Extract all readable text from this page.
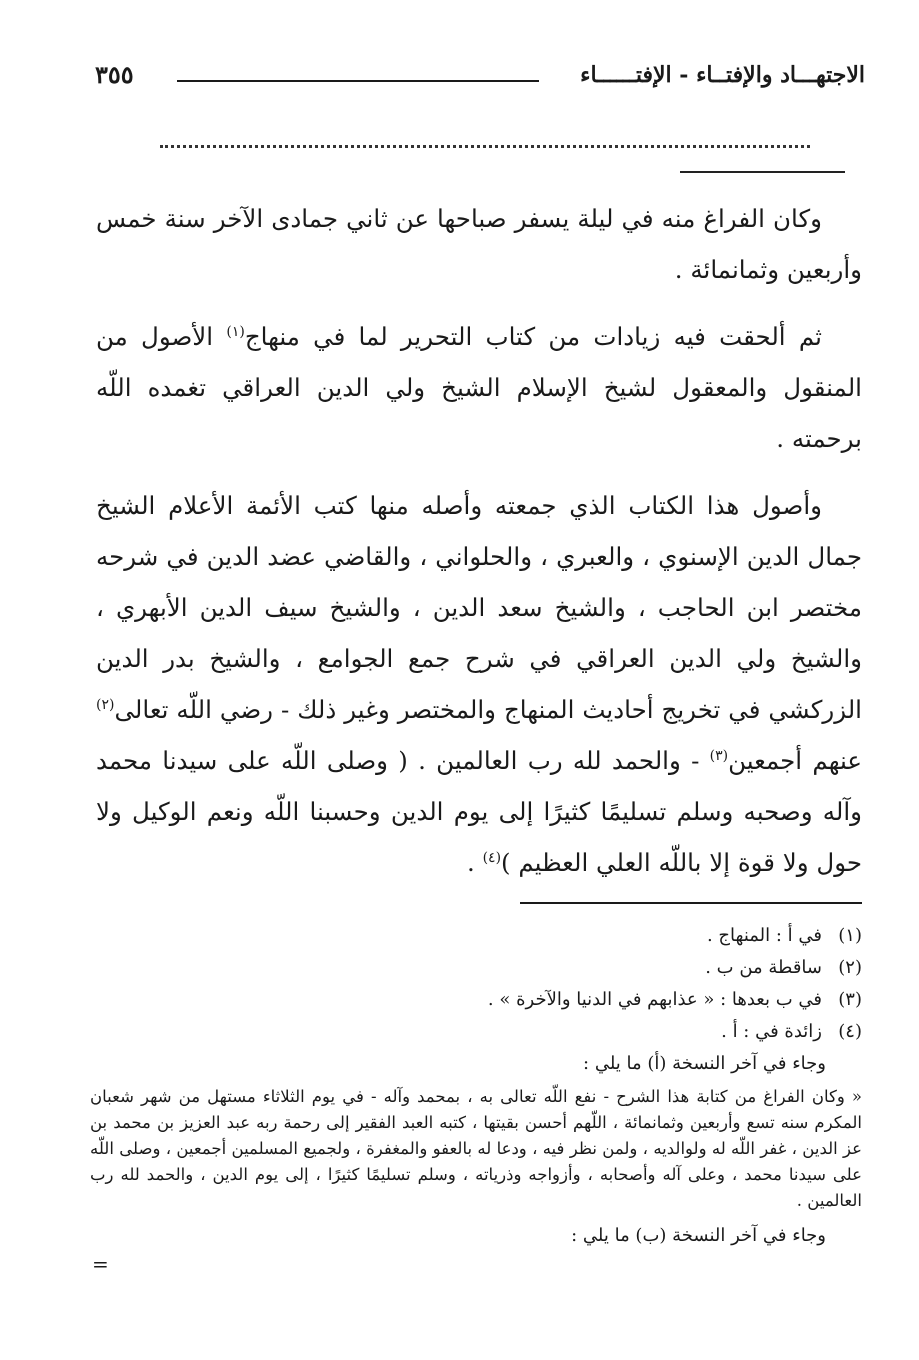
الاجتهـــاد والإفتــاء - الإفتــــــاء
٣٥٥

وكان الفراغ منه في ليلة يسفر صباحها عن ثاني جمادى الآخر سنة خمس وأربعين وثمانمائة .

ثم ألحقت فيه زيادات من كتاب التحرير لما في منهاج$^{(١)}$ الأصول من المنقول والمعقول لشيخ الإسلام الشيخ ولي الدين العراقي تغمده اللّه برحمته .

وأصول هذا الكتاب الذي جمعته وأصله منها كتب الأئمة الأعلام الشيخ جمال الدين الإسنوي ، والعبري ، والحلواني ، والقاضي عضد الدين في شرحه مختصر ابن الحاجب ، والشيخ سعد الدين ، والشيخ سيف الدين الأبهري ، والشيخ ولي الدين العراقي في شرح جمع الجوامع ، والشيخ بدر الدين الزركشي في تخريج أحاديث المنهاج والمختصر وغير ذلك - رضي اللّه تعالى$^{(٢)}$ عنهم أجمعين$^{(٣)}$ - والحمد لله رب العالمين . ( وصلى اللّه على سيدنا محمد وآله وصحبه وسلم تسليمًا كثيرًا إلى يوم الدين وحسبنا اللّه ونعم الوكيل ولا حول ولا قوة إلا باللّه العلي العظيم )$^{(٤)}$ .

(١)في أ : المنهاج .
(٢)ساقطة من ب .
(٣)في ب بعدها : « عذابهم في الدنيا والآخرة » .
(٤)زائدة في : أ .
وجاء في آخر النسخة (أ) ما يلي :
« وكان الفراغ من كتابة هذا الشرح - نفع اللّه تعالى به ، بمحمد وآله - في يوم الثلاثاء مستهل من شهر شعبان المكرم سنه تسع وأربعين وثمانمائة ، اللّهم أحسن بقيتها ، كتبه العبد الفقير إلى رحمة ربه عبد العزيز بن محمد بن عز الدين ، غفر اللّه له ولوالديه ، ولمن نظر فيه ، ودعا له بالعفو والمغفرة ، ولجميع المسلمين أجمعين ، وصلى اللّه على سيدنا محمد ، وعلى آله وأصحابه ، وأزواجه وذرياته ، وسلم تسليمًا كثيرًا ، إلى يوم الدين ، والحمد لله رب العالمين .
وجاء في آخر النسخة (ب) ما يلي :
=
